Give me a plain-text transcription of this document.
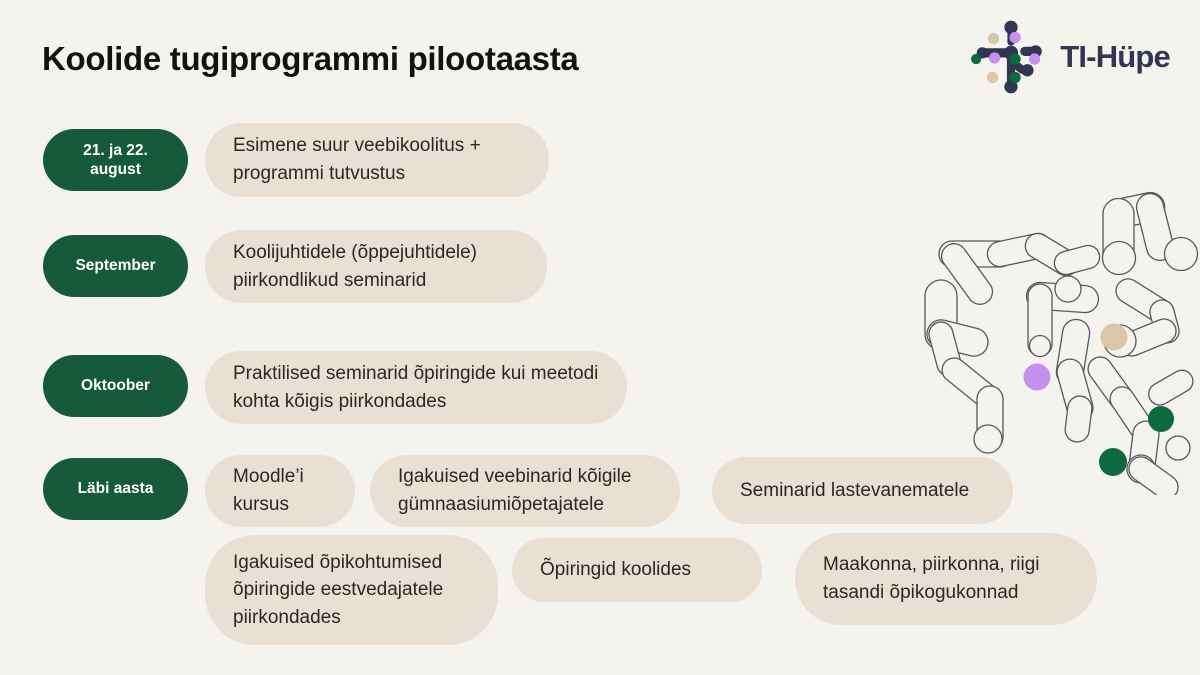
Koolide tugiprogrammi pilootaasta	TI-Hüpe
21. ja 22. august
September
Oktoober
Läbi aasta
Esimene suur veebikoolitus + programmi tutvustus
Koolijuhtidele (õppejuhtidele) piirkondlikud seminarid
Praktilised seminarid õpiringide kui meetodi kohta kõigis piirkondades
Moodle’i kursus
Igakuised veebinarid kõigile gümnaasiumiõpetajatele
Seminarid lastevanematele
Igakuised õpikohtumised õpiringide eestvedajatele piirkondades
Õpiringid koolides	Maakonna, piirkonna, riigi tasandi õpikogukonnad
